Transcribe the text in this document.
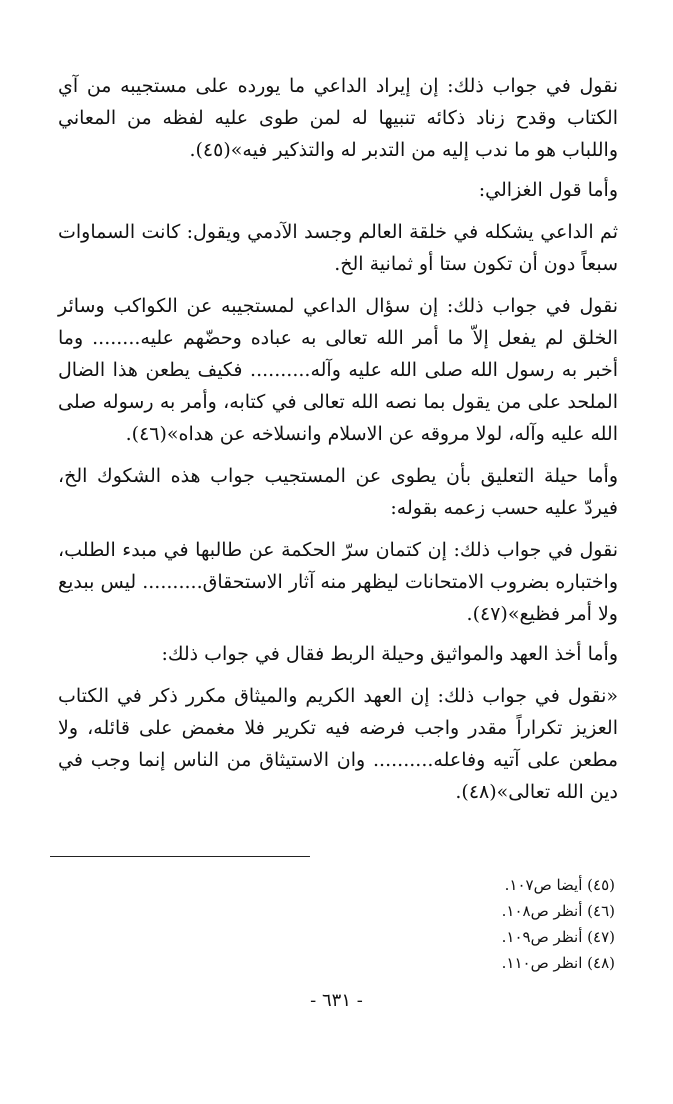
نقول في جواب ذلك: إن إيراد الداعي ما يورده على مستجيبه من آي الكتاب وقدح زناد ذكائه تنبيها له لمن طوى عليه لفظه من المعاني واللباب هو ما ندب إليه من التدبر له والتذكير فيه»(٤٥).

وأما قول الغزالي:

ثم الداعي يشكله في خلقة العالم وجسد الآدمي ويقول: كانت السماوات سبعاً دون أن تكون ستا أو ثمانية الخ.

نقول في جواب ذلك: إن سؤال الداعي لمستجيبه عن الكواكب وسائر الخلق لم يفعل إلاّ ما أمر الله تعالى به عباده وحضّهم عليه........ وما أخبر به رسول الله صلى الله عليه وآله.......... فكيف يطعن هذا الضال الملحد على من يقول بما نصه الله تعالى في كتابه، وأمر به رسوله صلى الله عليه وآله، لولا مروقه عن الاسلام وانسلاخه عن هداه»(٤٦).

وأما حيلة التعليق بأن يطوى عن المستجيب جواب هذه الشكوك الخ، فيردّ عليه حسب زعمه بقوله:

نقول في جواب ذلك: إن كتمان سرّ الحكمة عن طالبها في مبدء الطلب، واختباره بضروب الامتحانات ليظهر منه آثار الاستحقاق.......... ليس ببديع ولا أمر فظيع»(٤٧).

وأما أخذ العهد والمواثيق وحيلة الربط فقال في جواب ذلك:

«نقول في جواب ذلك: إن العهد الكريم والميثاق مكرر ذكر في الكتاب العزيز تكراراً مقدر واجب فرضه فيه تكرير فلا مغمض على قائله، ولا مطعن على آتيه وفاعله.......... وان الاستيثاق من الناس إنما وجب في دين الله تعالى»(٤٨).

(٤٥) أيضا ص١٠٧.
(٤٦) أنظر ص١٠٨.
(٤٧) أنظر ص١٠٩.
(٤٨) انظر ص١١٠.
- ٦٣١ -
